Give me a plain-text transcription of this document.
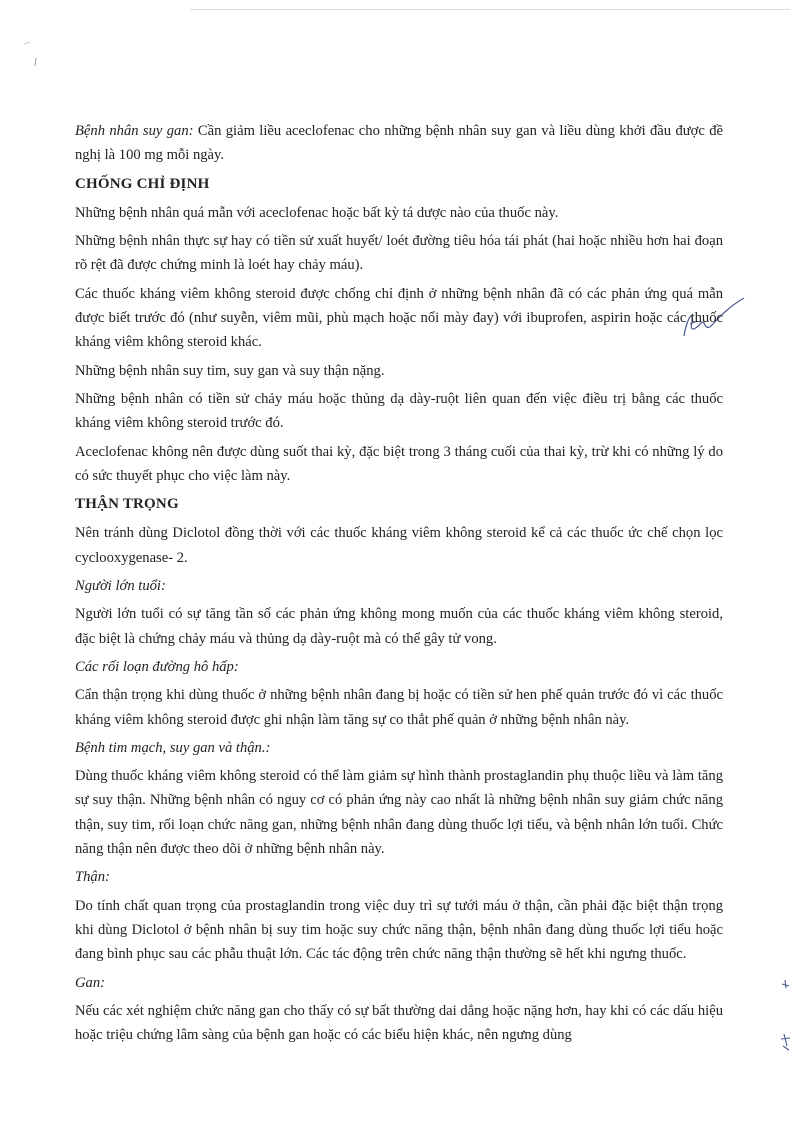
Bệnh nhân suy gan: Cần giảm liều aceclofenac cho những bệnh nhân suy gan và liều dùng khởi đầu được đề nghị là 100 mg mỗi ngày.
CHỐNG CHỈ ĐỊNH
Những bệnh nhân quá mẫn với aceclofenac hoặc bất kỳ tá dược nào của thuốc này.
Những bệnh nhân thực sự hay có tiền sử xuất huyết/ loét đường tiêu hóa tái phát (hai hoặc nhiều hơn hai đoạn rõ rệt đã được chứng minh là loét hay chảy máu).
Các thuốc kháng viêm không steroid được chống chỉ định ở những bệnh nhân đã có các phản ứng quá mẫn được biết trước đó (như suyễn, viêm mũi, phù mạch hoặc nổi mày đay) với ibuprofen, aspirin hoặc các thuốc kháng viêm không steroid khác.
Những bệnh nhân suy tim, suy gan và suy thận nặng.
Những bệnh nhân có tiền sử chảy máu hoặc thủng dạ dày-ruột liên quan đến việc điều trị bằng các thuốc kháng viêm không steroid trước đó.
Aceclofenac không nên được dùng suốt thai kỳ, đặc biệt trong 3 tháng cuối của thai kỳ, trừ khi có những lý do có sức thuyết phục cho việc làm này.
THẬN TRỌNG
Nên tránh dùng Diclotol đồng thời với các thuốc kháng viêm không steroid kể cả các thuốc ức chế chọn lọc cyclooxygenase- 2.
Người lớn tuổi:
Người lớn tuổi có sự tăng tần số các phản ứng không mong muốn của các thuốc kháng viêm không steroid, đặc biệt là chứng chảy máu và thủng dạ dày-ruột mà có thể gây tử vong.
Các rối loạn đường hô hấp:
Cẩn thận trọng khi dùng thuốc ở những bệnh nhân đang bị hoặc có tiền sử hen phế quản trước đó vì các thuốc kháng viêm không steroid được ghi nhận làm tăng sự co thắt phế quản ở những bệnh nhân này.
Bệnh tim mạch, suy gan và thận.:
Dùng thuốc kháng viêm không steroid có thể làm giảm sự hình thành prostaglandin phụ thuộc liều và làm tăng sự suy thận. Những bệnh nhân có nguy cơ có phản ứng này cao nhất là những bệnh nhân suy giảm chức năng thận, suy tim, rối loạn chức năng gan, những bệnh nhân đang dùng thuốc lợi tiểu, và bệnh nhân lớn tuổi. Chức năng thận nên được theo dõi ở những bệnh nhân này.
Thận:
Do tính chất quan trọng của prostaglandin trong việc duy trì sự tưới máu ở thận, cần phải đặc biệt thận trọng khi dùng Diclotol ở bệnh nhân bị suy tim hoặc suy chức năng thận, bệnh nhân đang dùng thuốc lợi tiểu hoặc đang bình phục sau các phẫu thuật lớn. Các tác động trên chức năng thận thường sẽ hết khi ngưng thuốc.
Gan:
Nếu các xét nghiệm chức năng gan cho thấy có sự bất thường dai dẳng hoặc nặng hơn, hay khi có các dấu hiệu hoặc triệu chứng lâm sàng của bệnh gan hoặc có các biểu hiện khác, nên ngưng dùng
